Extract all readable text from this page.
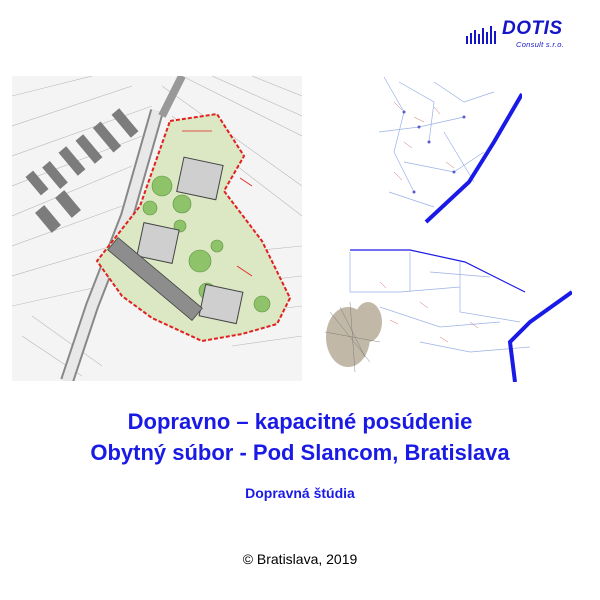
DOTIS
Consult s.r.o.
Dopravno – kapacitné posúdenie
Obytný súbor - Pod Slancom, Bratislava
Dopravná štúdia
© Bratislava, 2019
